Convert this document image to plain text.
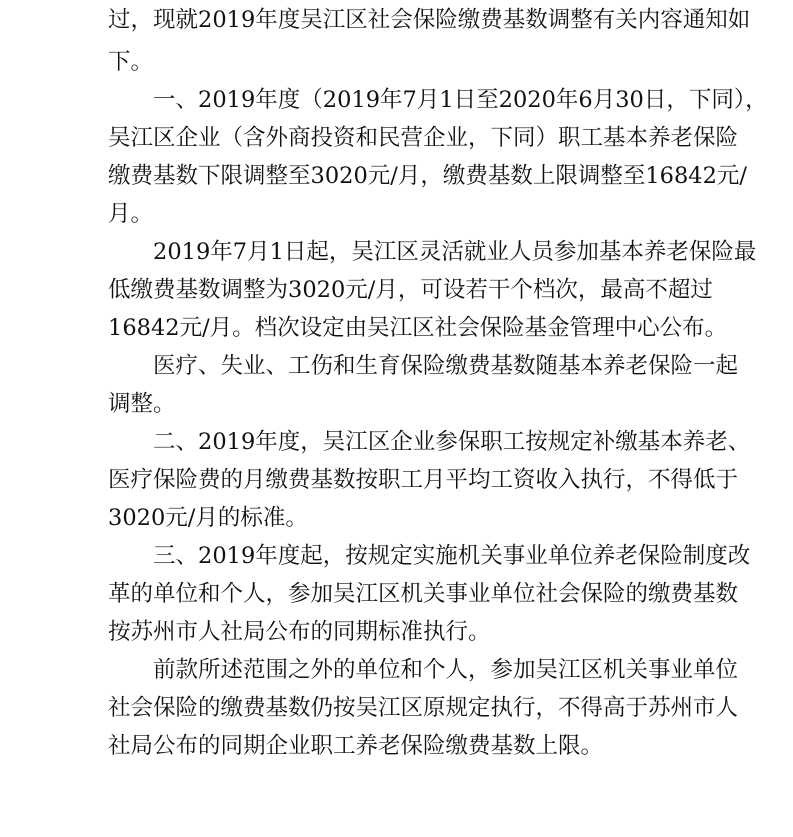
过，现就2019年度吴江区社会保险缴费基数调整有关内容通知如
下。
一、2019年度（2019年7月1日至2020年6月30日，下同），
吴江区企业（含外商投资和民营企业，下同）职工基本养老保险
缴费基数下限调整至3020元/月，缴费基数上限调整至16842元/
月。
2019年7月1日起，吴江区灵活就业人员参加基本养老保险最
低缴费基数调整为3020元/月，可设若干个档次，最高不超过
16842元/月。档次设定由吴江区社会保险基金管理中心公布。
医疗、失业、工伤和生育保险缴费基数随基本养老保险一起
调整。
二、2019年度，吴江区企业参保职工按规定补缴基本养老、
医疗保险费的月缴费基数按职工月平均工资收入执行，不得低于
3020元/月的标准。
三、2019年度起，按规定实施机关事业单位养老保险制度改
革的单位和个人，参加吴江区机关事业单位社会保险的缴费基数
按苏州市人社局公布的同期标准执行。
前款所述范围之外的单位和个人，参加吴江区机关事业单位
社会保险的缴费基数仍按吴江区原规定执行，不得高于苏州市人
社局公布的同期企业职工养老保险缴费基数上限。
